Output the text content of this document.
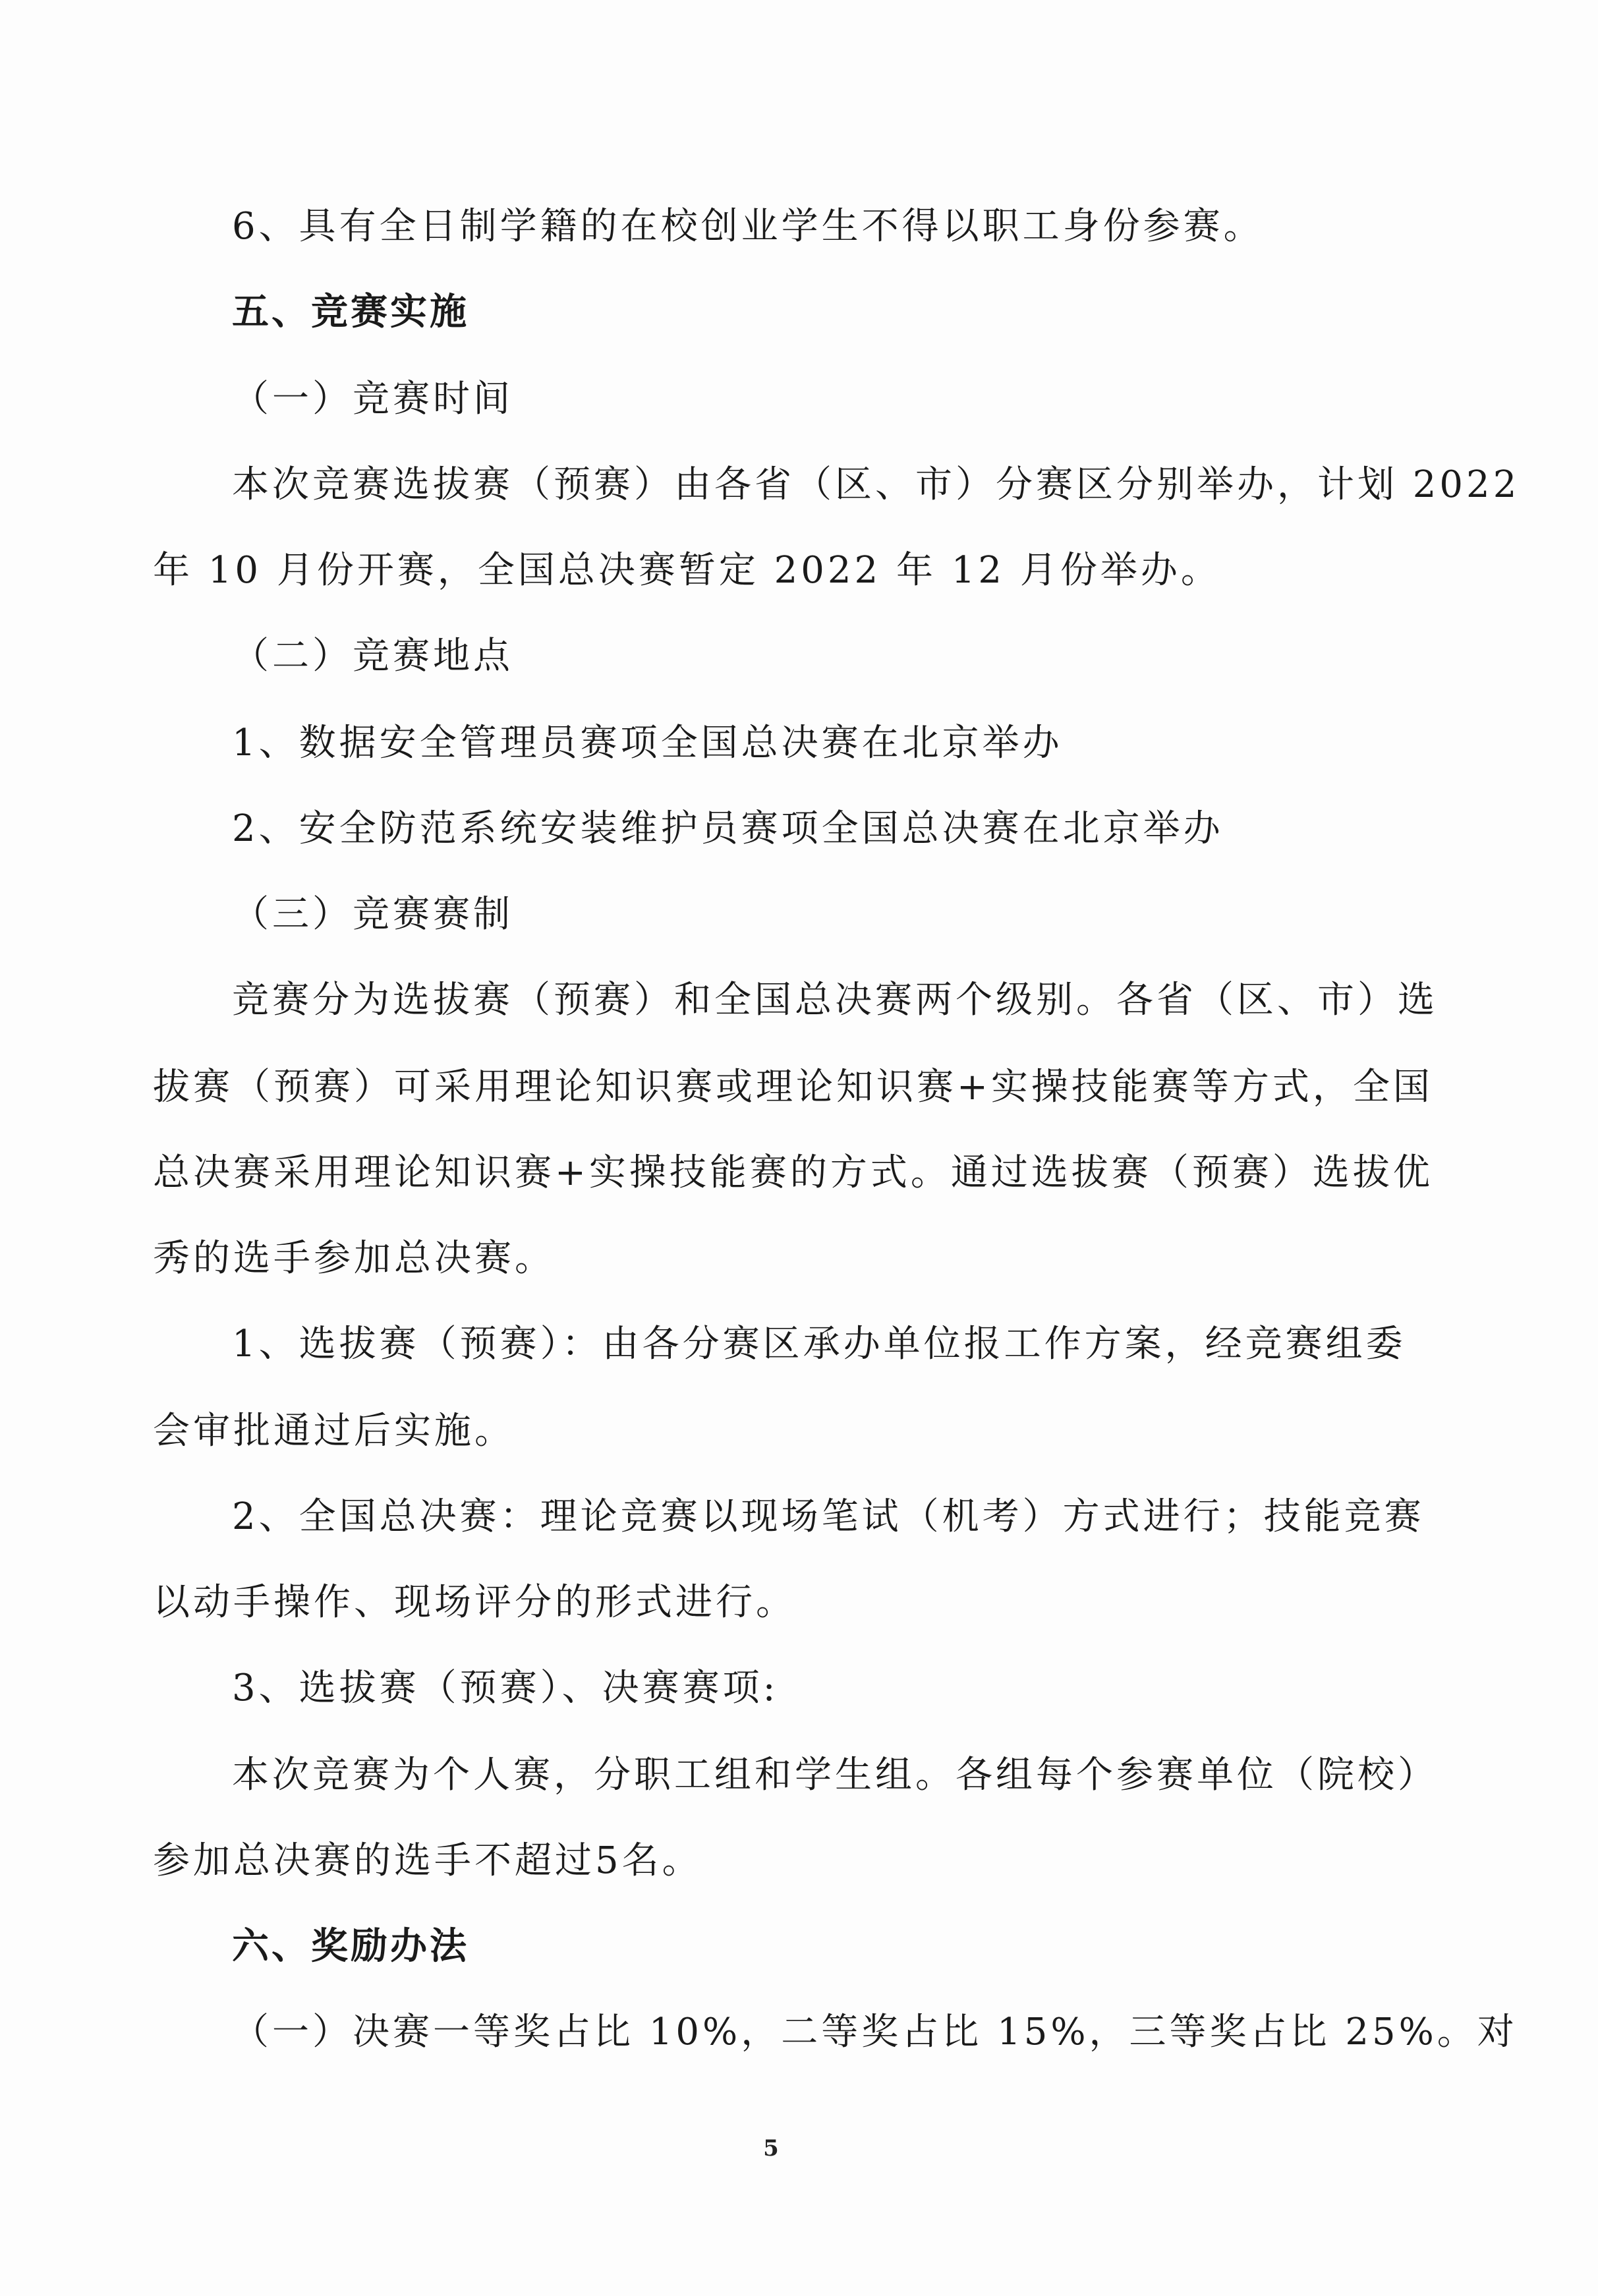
6、具有全日制学籍的在校创业学生不得以职工身份参赛。
五、竞赛实施
（一）竞赛时间
本次竞赛选拔赛（预赛）由各省（区、市）分赛区分别举办，计划 2022
年 10 月份开赛，全国总决赛暂定 2022 年 12 月份举办。
（二）竞赛地点
1、数据安全管理员赛项全国总决赛在北京举办
2、安全防范系统安装维护员赛项全国总决赛在北京举办
（三）竞赛赛制
竞赛分为选拔赛（预赛）和全国总决赛两个级别。各省（区、市）选
拔赛（预赛）可采用理论知识赛或理论知识赛+实操技能赛等方式，全国
总决赛采用理论知识赛+实操技能赛的方式。通过选拔赛（预赛）选拔优
秀的选手参加总决赛。
1、选拔赛（预赛）：由各分赛区承办单位报工作方案，经竞赛组委
会审批通过后实施。
2、全国总决赛：理论竞赛以现场笔试（机考）方式进行；技能竞赛
以动手操作、现场评分的形式进行。
3、选拔赛（预赛）、决赛赛项:
本次竞赛为个人赛，分职工组和学生组。各组每个参赛单位（院校）
参加总决赛的选手不超过5名。
六、奖励办法
（一）决赛一等奖占比 10%，二等奖占比 15%，三等奖占比 25%。对
5
